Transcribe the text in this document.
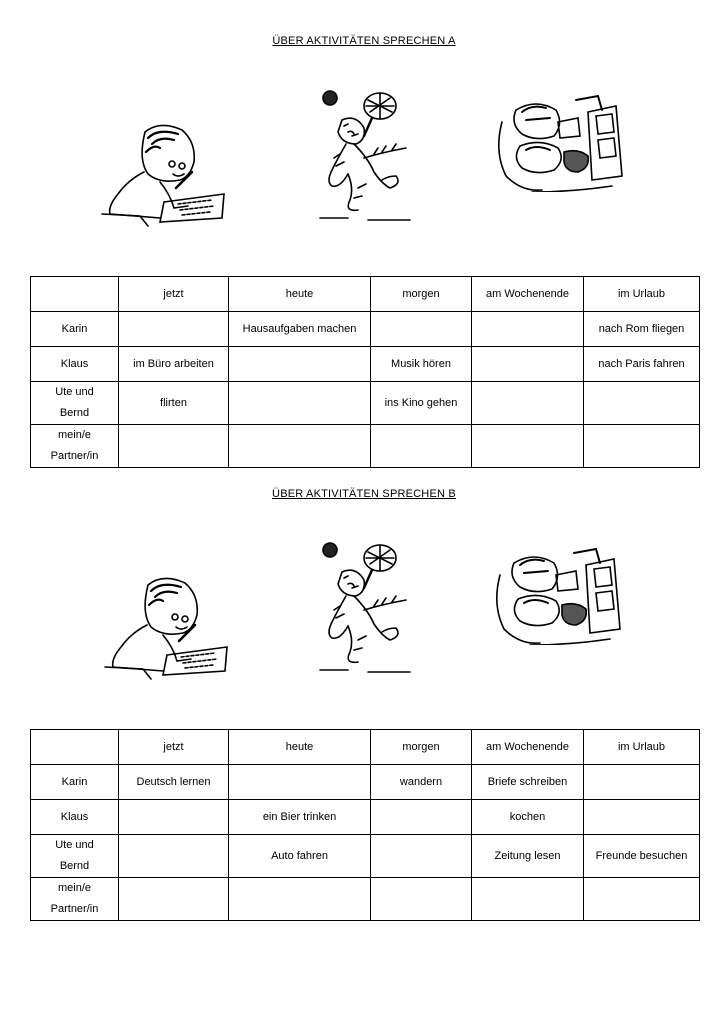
ÜBER AKTIVITÄTEN SPRECHEN A
	jetzt	heute	morgen	am Wochenende	im Urlaub
Karin		Hausaufgaben machen			nach Rom fliegen
Klaus	im Büro arbeiten		Musik hören		nach Paris fahren
Ute und
Bernd	flirten		ins Kino gehen		
mein/e
Partner/in					
ÜBER AKTIVITÄTEN SPRECHEN B
	jetzt	heute	morgen	am Wochenende	im Urlaub
Karin	Deutsch lernen		wandern	Briefe schreiben	
Klaus		ein Bier trinken		kochen	
Ute und
Bernd		Auto fahren		Zeitung lesen	Freunde besuchen
mein/e
Partner/in					
